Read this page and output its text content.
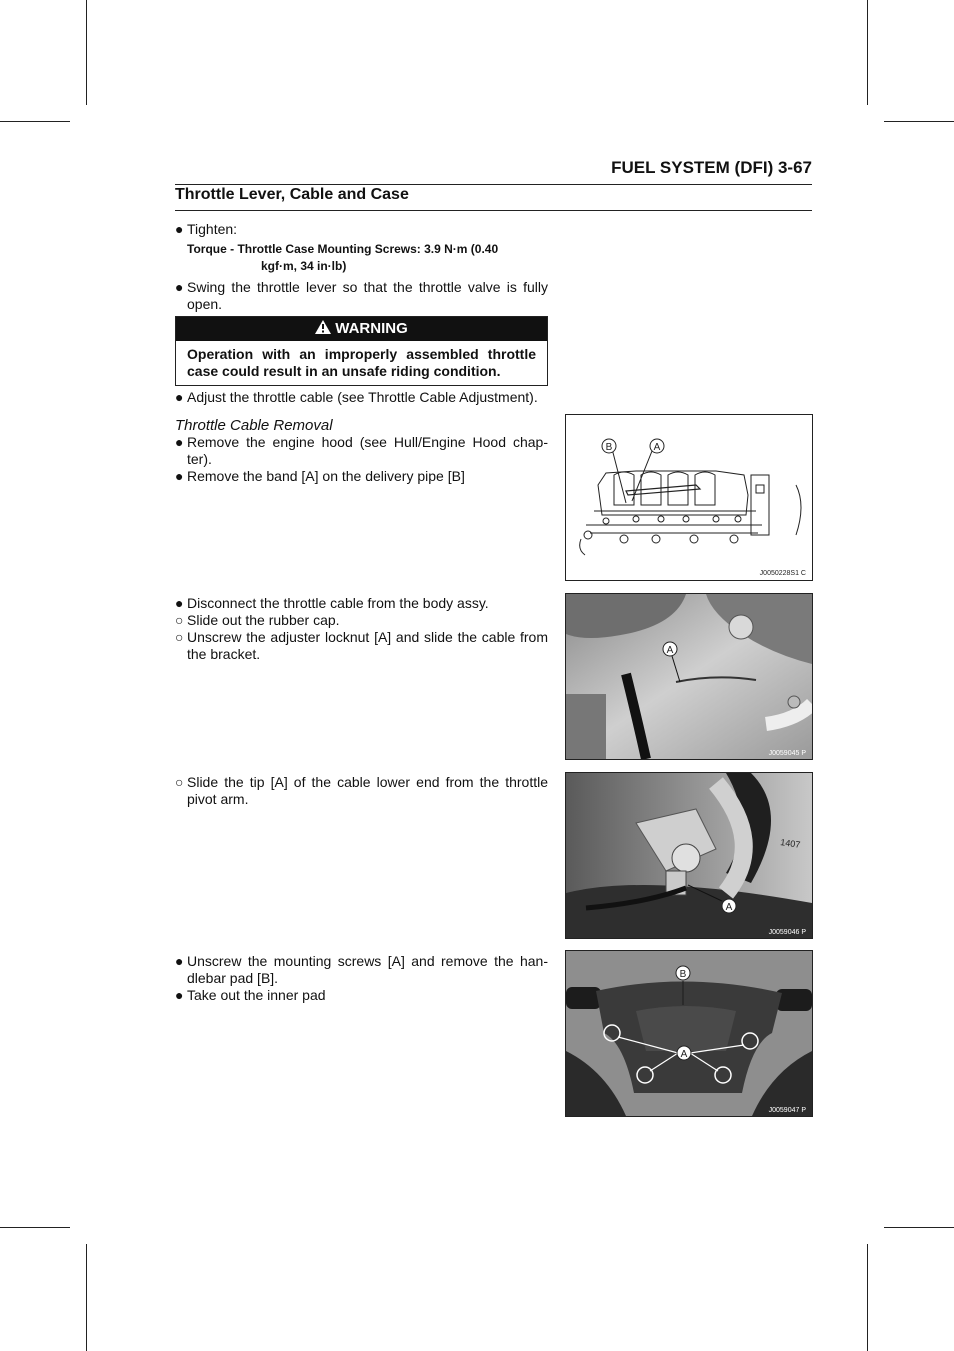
FUEL SYSTEM (DFI) 3-67
Throttle Lever, Cable and Case
● Tighten:
Torque - Throttle Case Mounting Screws: 3.9 N·m (0.40
kgf·m, 34 in·lb)
● Swing the throttle lever so that the throttle valve is fully open.
WARNING
Operation with an improperly assembled throttle case could result in an unsafe riding condition.
● Adjust the throttle cable (see Throttle Cable Adjustment).
Throttle Cable Removal
● Remove the engine hood (see Hull/Engine Hood chap-ter).
● Remove the band [A] on the delivery pipe [B]
● Disconnect the throttle cable from the body assy.
○ Slide out the rubber cap.
○ Unscrew the adjuster locknut [A] and slide the cable from the bracket.
○ Slide the tip [A] of the cable lower end from the throttle pivot arm.
● Unscrew the mounting screws [A] and remove the han-dlebar pad [B].
● Take out the inner pad
B	A
J0050228S1 C
A
J0059045 P
1407
A
J0059046 P
B
A
J0059047 P
